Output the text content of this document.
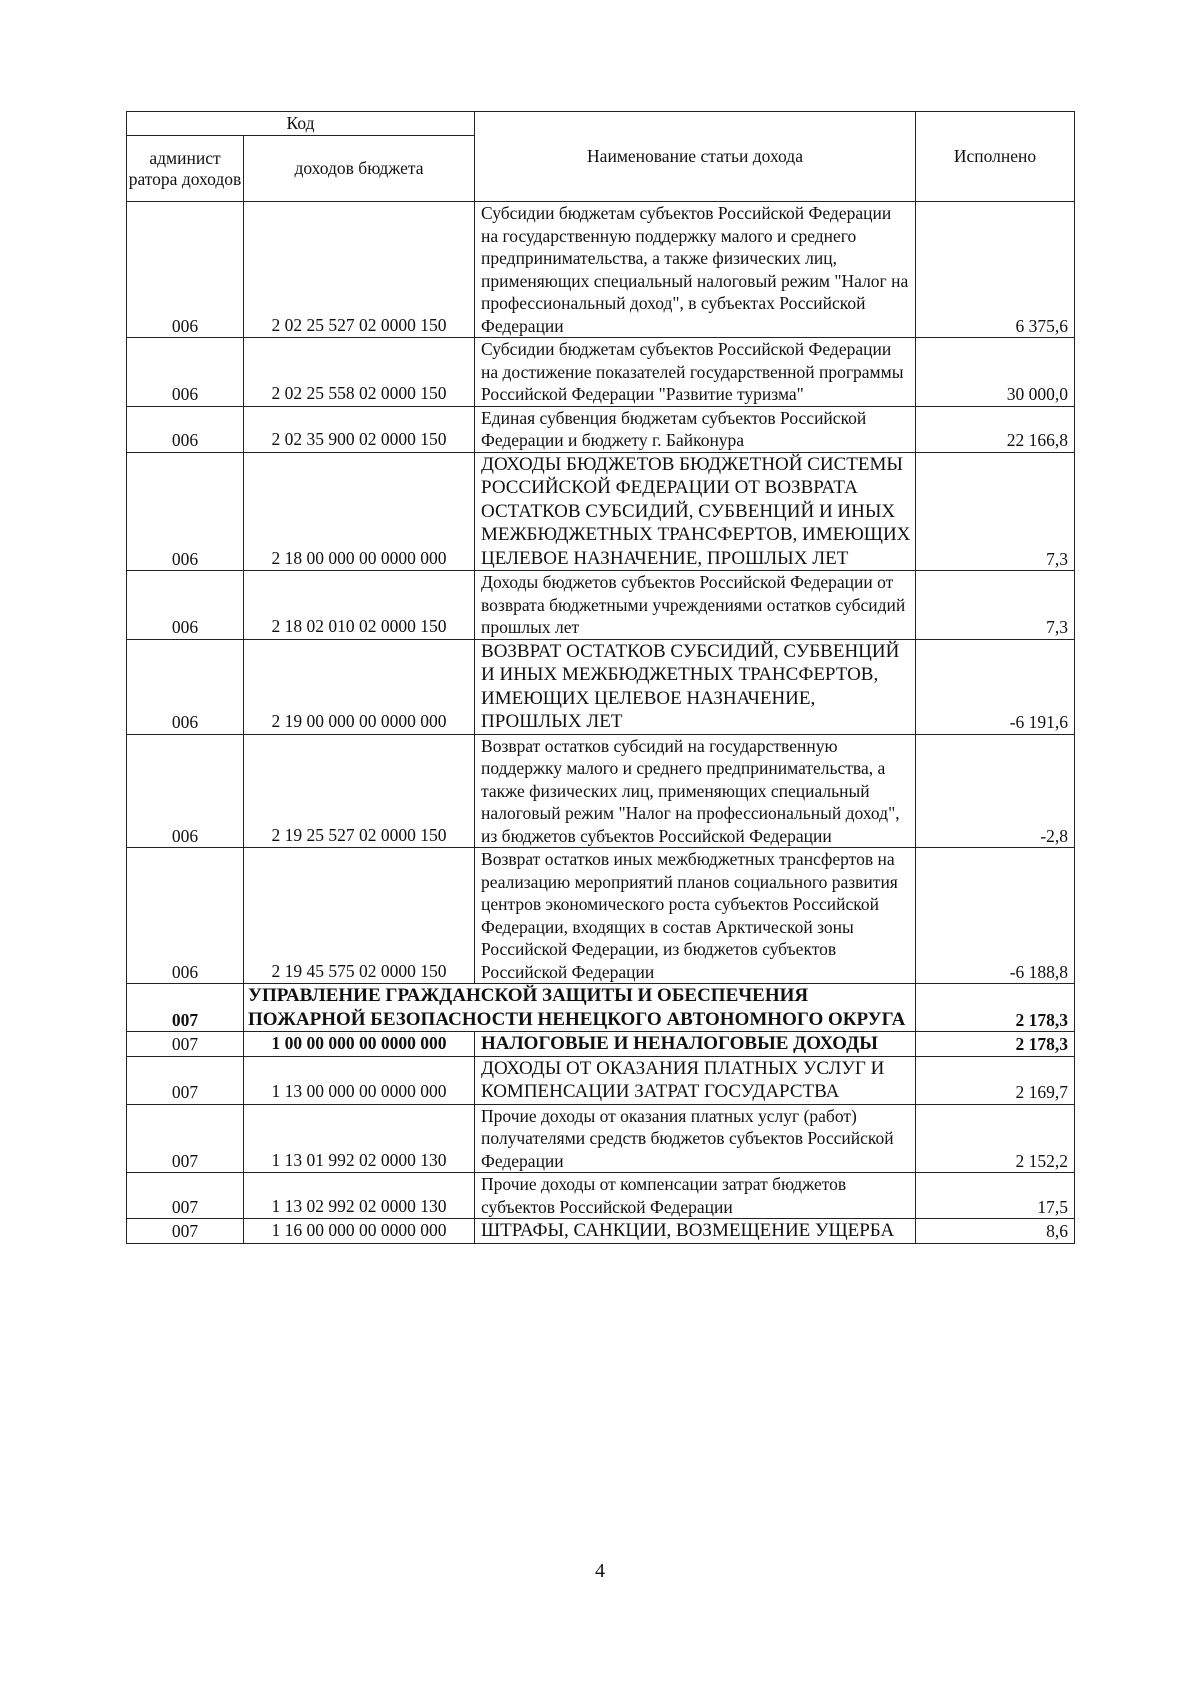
Код		Наименование статьи дохода	Исполнено
админист ратора доходов	доходов бюджета		
006	2 02 25 527 02 0000 150	Субсидии бюджетам субъектов Российской Федерации на государственную поддержку малого и среднего предпринимательства, а также физических лиц, применяющих специальный налоговый режим "Налог на профессиональный доход", в субъектах Российской Федерации	6 375,6
006	2 02 25 558 02 0000 150	Субсидии бюджетам субъектов Российской Федерации на достижение показателей государственной программы Российской Федерации "Развитие туризма"	30 000,0
006	2 02 35 900 02 0000 150	Единая субвенция бюджетам субъектов Российской Федерации и бюджету г. Байконура	22 166,8
006	2 18 00 000 00 0000 000	ДОХОДЫ БЮДЖЕТОВ БЮДЖЕТНОЙ СИСТЕМЫ РОССИЙСКОЙ ФЕДЕРАЦИИ ОТ ВОЗВРАТА ОСТАТКОВ СУБСИДИЙ, СУБВЕНЦИЙ И ИНЫХ МЕЖБЮДЖЕТНЫХ ТРАНСФЕРТОВ, ИМЕЮЩИХ ЦЕЛЕВОЕ НАЗНАЧЕНИЕ, ПРОШЛЫХ ЛЕТ	7,3
006	2 18 02 010 02 0000 150	Доходы бюджетов субъектов Российской Федерации от возврата бюджетными учреждениями остатков субсидий прошлых лет	7,3
006	2 19 00 000 00 0000 000	ВОЗВРАТ ОСТАТКОВ СУБСИДИЙ, СУБВЕНЦИЙ И ИНЫХ МЕЖБЮДЖЕТНЫХ ТРАНСФЕРТОВ, ИМЕЮЩИХ ЦЕЛЕВОЕ НАЗНАЧЕНИЕ, ПРОШЛЫХ ЛЕТ	-6 191,6
006	2 19 25 527 02 0000 150	Возврат остатков субсидий на государственную поддержку малого и среднего предпринимательства, а также физических лиц, применяющих специальный налоговый режим "Налог на профессиональный доход", из бюджетов субъектов Российской Федерации	-2,8
006	2 19 45 575 02 0000 150	Возврат остатков иных межбюджетных трансфертов на реализацию мероприятий планов социального развития центров экономического роста субъектов Российской Федерации, входящих в состав Арктической зоны Российской Федерации, из бюджетов субъектов Российской Федерации	-6 188,8
007	УПРАВЛЕНИЕ ГРАЖДАНСКОЙ ЗАЩИТЫ И ОБЕСПЕЧЕНИЯ ПОЖАРНОЙ БЕЗОПАСНОСТИ НЕНЕЦКОГО АВТОНОМНОГО ОКРУГА		2 178,3
007	1 00 00 000 00 0000 000	НАЛОГОВЫЕ И НЕНАЛОГОВЫЕ ДОХОДЫ	2 178,3
007	1 13 00 000 00 0000 000	ДОХОДЫ ОТ ОКАЗАНИЯ ПЛАТНЫХ УСЛУГ И КОМПЕНСАЦИИ ЗАТРАТ ГОСУДАРСТВА	2 169,7
007	1 13 01 992 02 0000 130	Прочие доходы от оказания платных услуг (работ) получателями средств бюджетов субъектов Российской Федерации	2 152,2
007	1 13 02 992 02 0000 130	Прочие доходы от компенсации затрат бюджетов субъектов Российской Федерации	17,5
007	1 16 00 000 00 0000 000	ШТРАФЫ, САНКЦИИ, ВОЗМЕЩЕНИЕ УЩЕРБА	8,6
4
